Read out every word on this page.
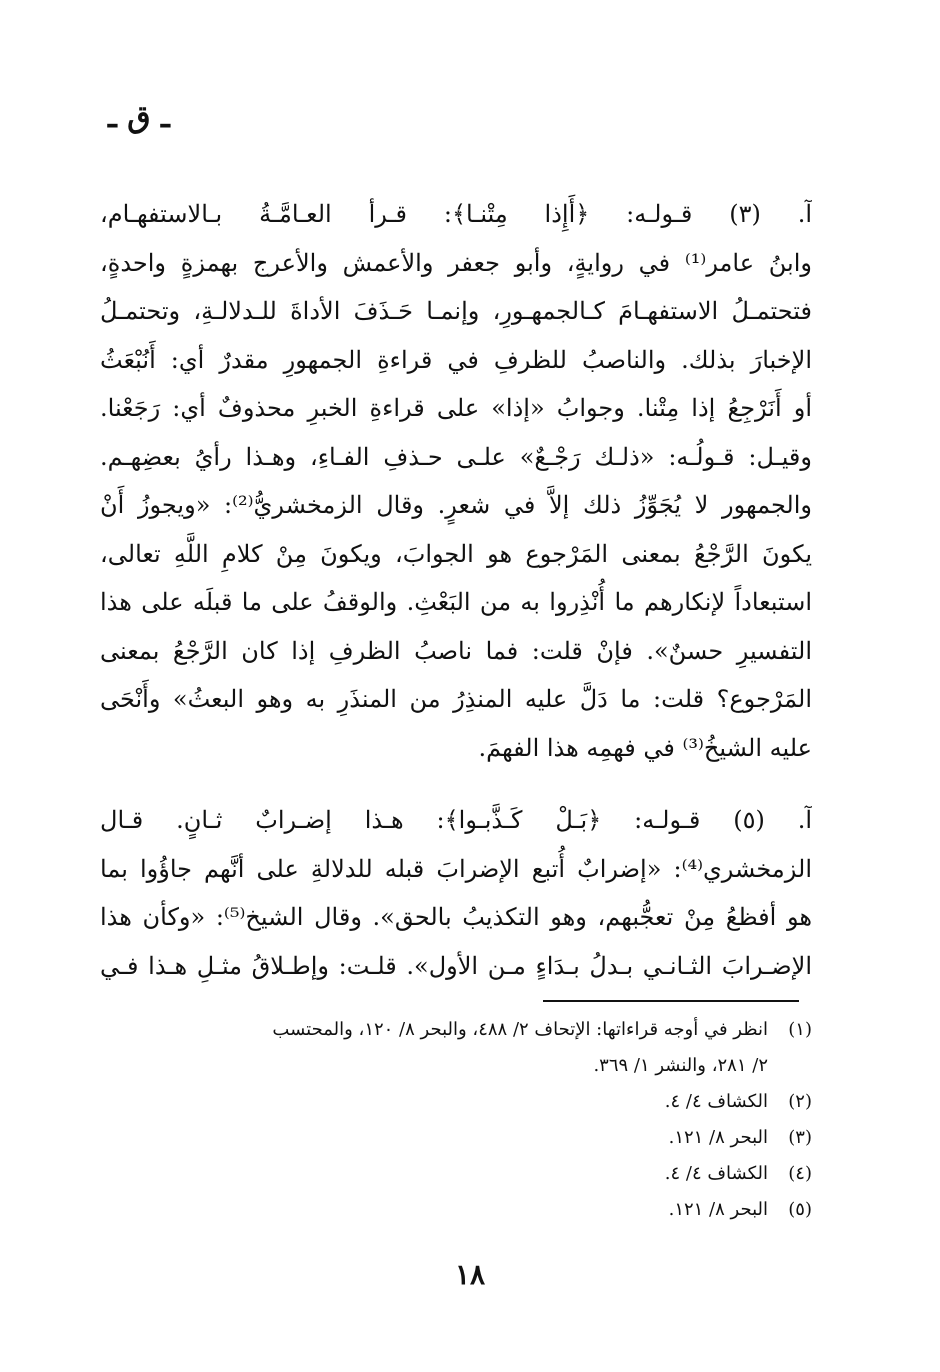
ـ ق ـ
آ. (٣) قـولـه: ﴿أَإِذا مِتْنـا﴾: قـرأ العـامَّـةُ بـالاستفهـام،
وابنُ عامر⁽¹⁾ في روايةٍ، وأبو جعفر والأعمش والأعرج بهمزةٍ واحدةٍ،
فتحتمـلُ الاستفهـامَ كـالجمهـورِ، وإنمـا حَـذَفَ الأداةَ للـدلالـةِ، وتحتمـلُ
الإخبارَ بذلك. والناصبُ للظرفِ في قراءةِ الجمهورِ مقدرٌ أي: أَنُبْعَثُ
أو أَنَرْجِعُ إذا مِتْنا. وجوابُ «إذا» على قراءةِ الخبرِ محذوفٌ أي: رَجَعْنا.
وقيـل: قـولُـه: «ذلـك رَجْـعٌ» علـى حـذفِ الفـاءِ، وهـذا رأيُ بعضِهـم.
والجمهور لا يُجَوِّزُ ذلك إلاَّ في شعرٍ. وقال الزمخشريُّ⁽²⁾: «ويجوزُ أَنْ
يكونَ الرَّجْعُ بمعنى المَرْجوع هو الجوابَ، ويكونَ مِنْ كلامِ اللَّهِ تعالى،
استبعاداً لإنكارهم ما أُنْذِروا به من البَعْثِ. والوقفُ على ما قبلَه على هذا
التفسيرِ حسنٌ». فإنْ قلت: فما ناصبُ الظرفِ إذا كان الرَّجْعُ بمعنى
المَرْجوع؟ قلت: ما دَلَّ عليه المنذِرُ من المنذَرِ به وهو البعثُ» وأَنْحَى
عليه الشيخُ⁽³⁾ في فهمِه هذا الفهمَ.
آ. (٥) قـولـه: ﴿بَـلْ كَـذَّبـوا﴾: هـذا إضـرابٌ ثـانٍ. قـال
الزمخشري⁽⁴⁾: «إضرابٌ أُتبع الإضرابَ قبله للدلالةِ على أنَّهم جاؤُوا بما
هو أفظعُ مِنْ تعجُّبهم، وهو التكذيبُ بالحق». وقال الشيخ⁽⁵⁾: «وكأن هذا
الإضـرابَ الثـانـي بـدلُ بـدَاءٍ مـن الأول». قلـت: وإطـلاقُ مثـلِ هـذا فـي
(١)
انظر في أوجه قراءاتها: الإتحاف ٢/ ٤٨٨، والبحر ٨/ ١٢٠، والمحتسب
٢/ ٢٨١، والنشر ١/ ٣٦٩.
(٢)
الكشاف ٤/ ٤.
(٣)
البحر ٨/ ١٢١.
(٤)
الكشاف ٤/ ٤.
(٥)
البحر ٨/ ١٢١.
١٨
